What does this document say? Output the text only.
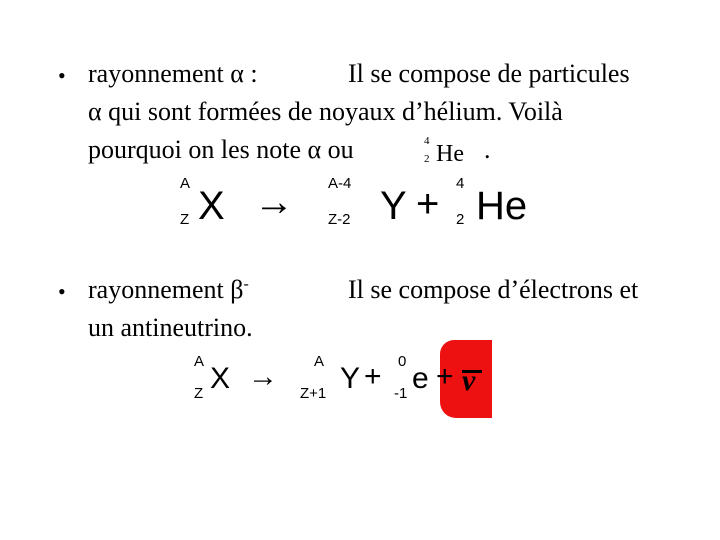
• rayonnement α :	Il se compose de particules
α qui sont formées de noyaux d’hélium. Voilà
pourquoi on les note α ou	4
2 He .
A
Z X → A-4
Z-2 Y + 4
2 He
• rayonnement β-	Il se compose d’électrons et
un antineutrino.
A
Z X → A
Z+1 Y + 0
-1 e + ν
